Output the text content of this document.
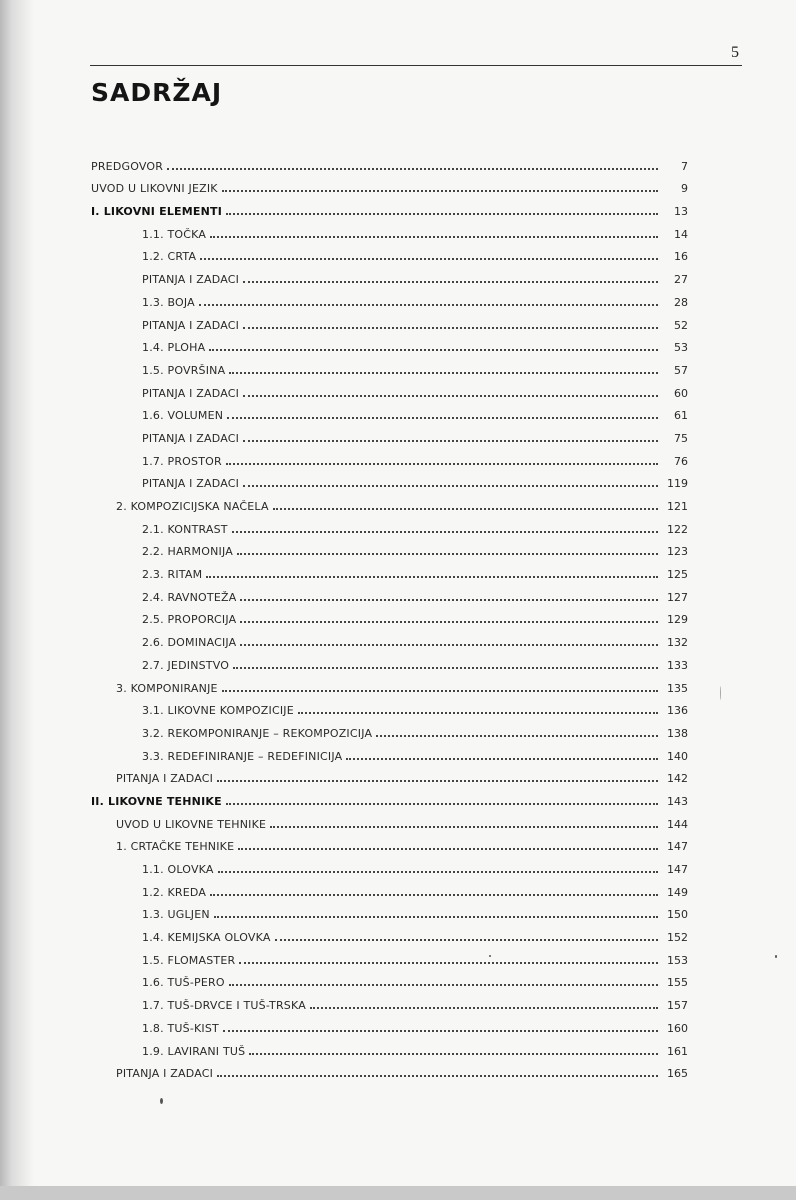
5
SADRŽAJ
PREDGOVOR	7
UVOD U LIKOVNI JEZIK	9
I. LIKOVNI ELEMENTI	13
1.1. TOČKA	14
1.2. CRTA	16
PITANJA I ZADACI	27
1.3. BOJA	28
PITANJA I ZADACI	52
1.4. PLOHA	53
1.5. POVRŠINA	57
PITANJA I ZADACI	60
1.6. VOLUMEN	61
PITANJA I ZADACI	75
1.7. PROSTOR	76
PITANJA I ZADACI	119
2. KOMPOZICIJSKA NAČELA	121
2.1. KONTRAST	122
2.2. HARMONIJA	123
2.3. RITAM	125
2.4. RAVNOTEŽA	127
2.5. PROPORCIJA	129
2.6. DOMINACIJA	132
2.7. JEDINSTVO	133
3. KOMPONIRANJE	135
3.1. LIKOVNE KOMPOZICIJE	136
3.2. REKOMPONIRANJE – REKOMPOZICIJA	138
3.3. REDEFINIRANJE – REDEFINICIJA	140
PITANJA I ZADACI	142
II. LIKOVNE TEHNIKE	143
UVOD U LIKOVNE TEHNIKE	144
1. CRTAČKE TEHNIKE	147
1.1. OLOVKA	147
1.2. KREDA	149
1.3. UGLJEN	150
1.4. KEMIJSKA OLOVKA	152
1.5. FLOMASTER	153
1.6. TUŠ-PERO	155
1.7. TUŠ-DRVCE I TUŠ-TRSKA	157
1.8. TUŠ-KIST	160
1.9. LAVIRANI TUŠ	161
PITANJA I ZADACI	165
